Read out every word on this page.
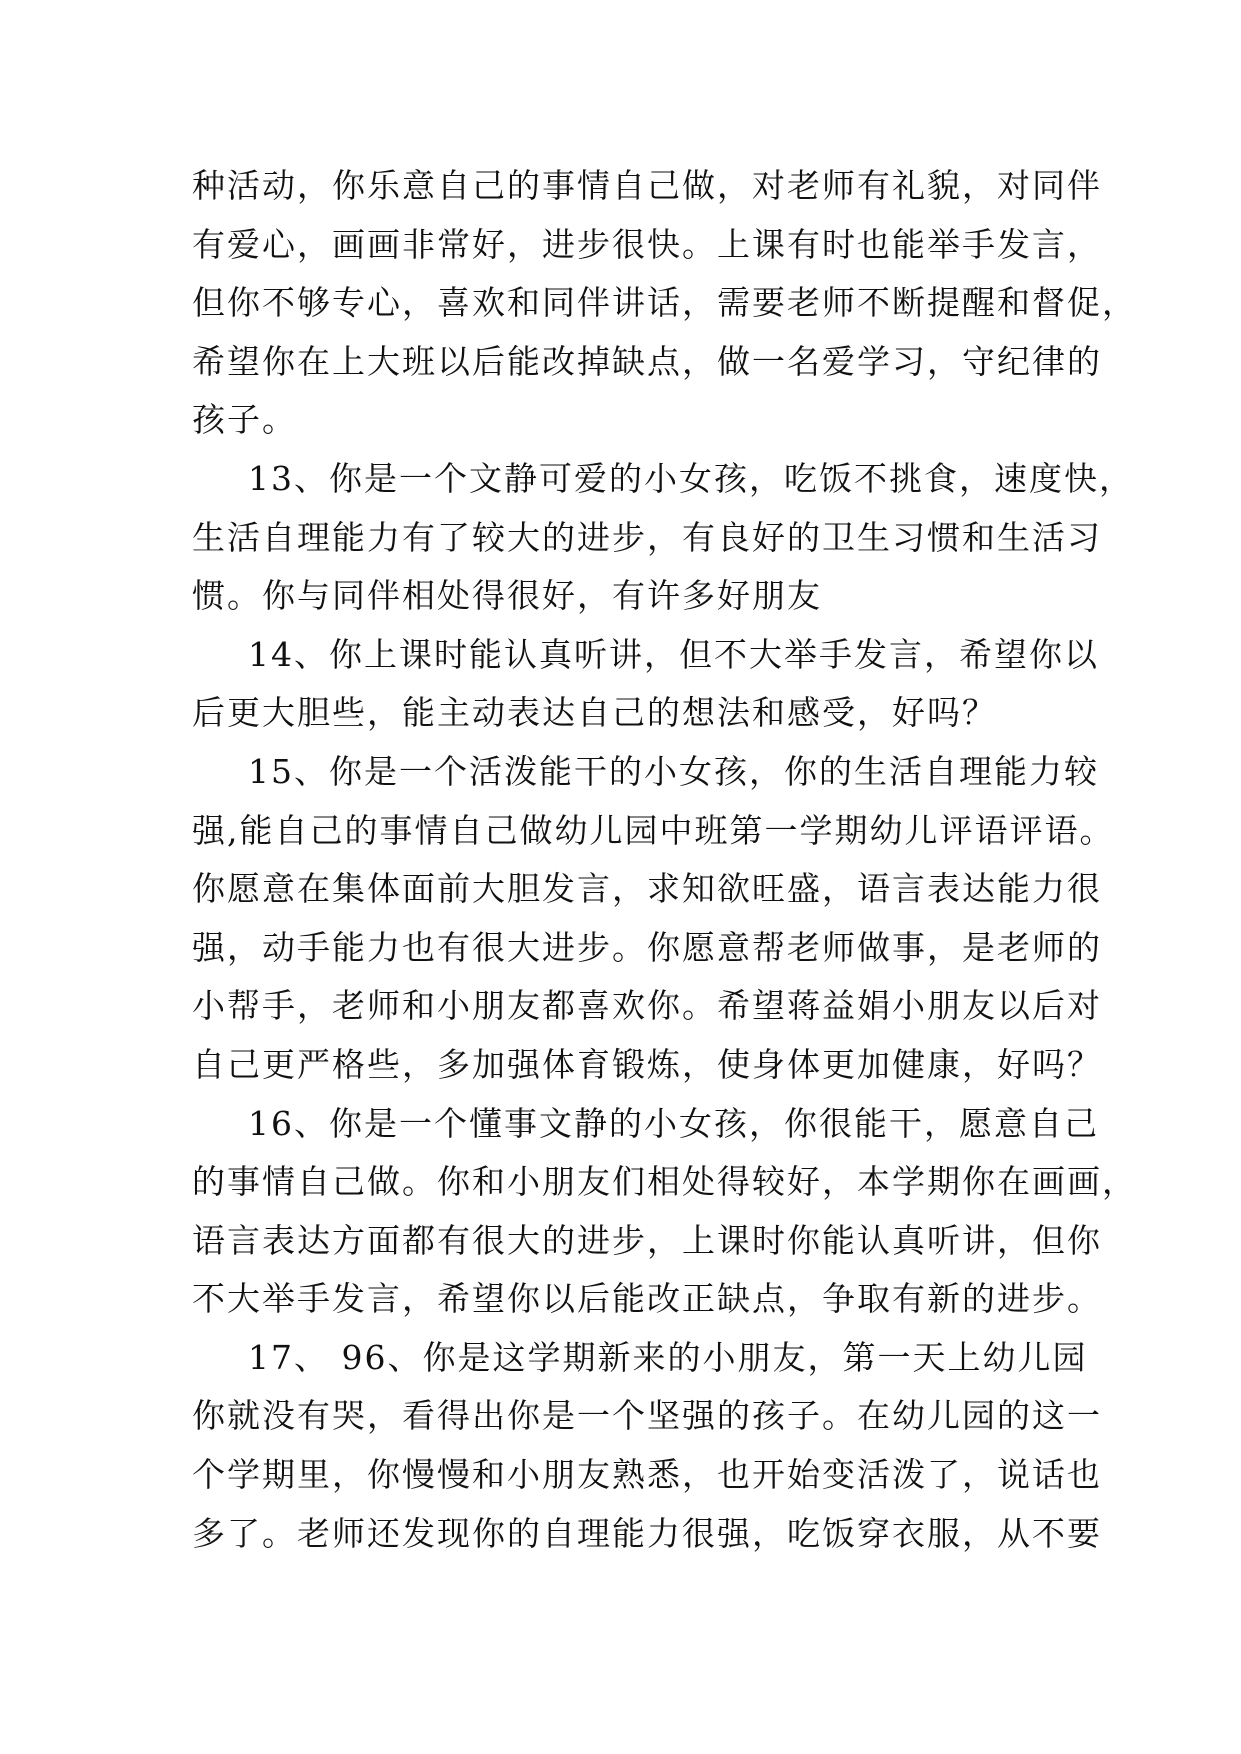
种活动，你乐意自己的事情自己做，对老师有礼貌，对同伴
有爱心，画画非常好，进步很快。上课有时也能举手发言，
但你不够专心，喜欢和同伴讲话，需要老师不断提醒和督促，
希望你在上大班以后能改掉缺点，做一名爱学习，守纪律的
孩子。
13、你是一个文静可爱的小女孩，吃饭不挑食，速度快，
生活自理能力有了较大的进步，有良好的卫生习惯和生活习
惯。你与同伴相处得很好，有许多好朋友
14、你上课时能认真听讲，但不大举手发言，希望你以
后更大胆些，能主动表达自己的想法和感受，好吗？
15、你是一个活泼能干的小女孩，你的生活自理能力较
强,能自己的事情自己做幼儿园中班第一学期幼儿评语评语。
你愿意在集体面前大胆发言，求知欲旺盛，语言表达能力很
强，动手能力也有很大进步。你愿意帮老师做事，是老师的
小帮手，老师和小朋友都喜欢你。希望蒋益娟小朋友以后对
自己更严格些，多加强体育锻炼，使身体更加健康，好吗？
16、你是一个懂事文静的小女孩，你很能干，愿意自己
的事情自己做。你和小朋友们相处得较好，本学期你在画画，
语言表达方面都有很大的进步，上课时你能认真听讲，但你
不大举手发言，希望你以后能改正缺点，争取有新的进步。
17、 96、你是这学期新来的小朋友，第一天上幼儿园
你就没有哭，看得出你是一个坚强的孩子。在幼儿园的这一
个学期里，你慢慢和小朋友熟悉，也开始变活泼了，说话也
多了。老师还发现你的自理能力很强，吃饭穿衣服，从不要
